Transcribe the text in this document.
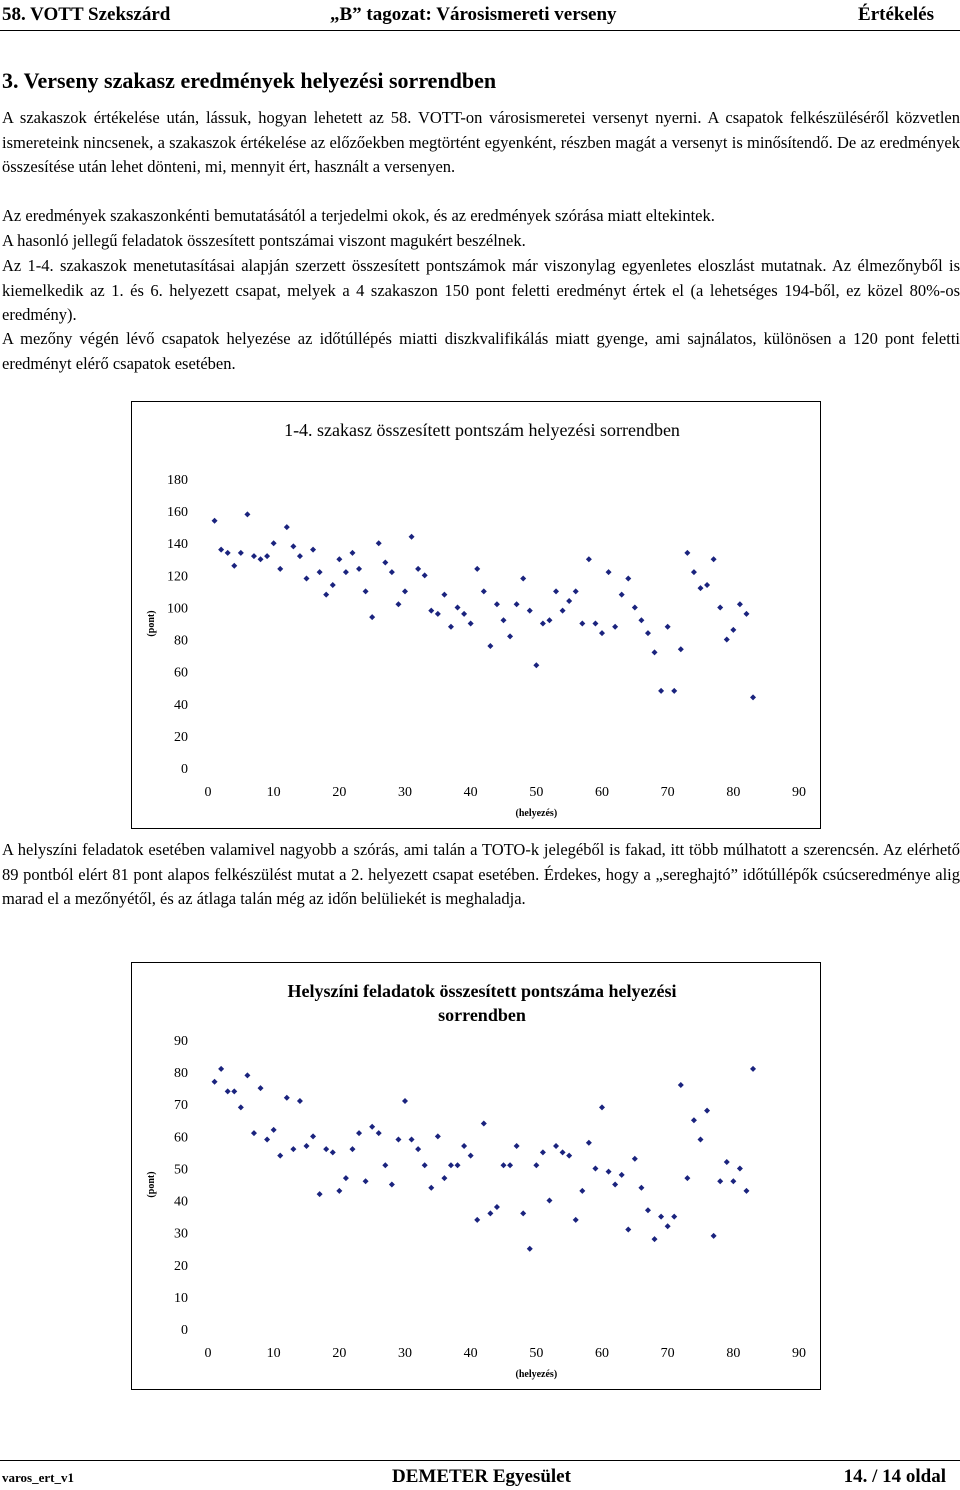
58. VOTT Szekszárd	„B” tagozat: Városismereti verseny	Értékelés
3. Verseny szakasz eredmények helyezési sorrendben

A szakaszok értékelése után, lássuk, hogyan lehetett az 58. VOTT-on városismeretei versenyt nyerni. A csapatok felkészüléséről közvetlen ismereteink nincsenek, a szakaszok értékelése az előzőekben megtörtént egyenként, részben magát a versenyt is minősítendő. De az eredmények összesítése után lehet dönteni, mi, mennyit ért, használt a versenyen.

Az eredmények szakaszonkénti bemutatásától a terjedelmi okok, és az eredmények szórása miatt eltekintek.

A hasonló jellegű feladatok összesített pontszámai viszont magukért beszélnek.

Az 1-4. szakaszok menetutasításai alapján szerzett összesített pontszámok már viszonylag egyenletes eloszlást mutatnak. Az élmezőnyből is kiemelkedik az 1. és 6. helyezett csapat, melyek a 4 szakaszon 150 pont feletti eredményt értek el (a lehetséges 194-ből, ez közel 80%-os eredmény).

A mezőny végén lévő csapatok helyezése az időtúllépés miatti diszkvalifikálás miatt gyenge, ami sajnálatos, különösen a 120 pont feletti eredményt elérő csapatok esetében.

1-4. szakasz összesített pontszám helyezési sorrendben
0
20
40
60
80
100
120
140
160
180
0	10	20	30	40	50	60	70	80	90
(helyezés)
(pont)

A helyszíni feladatok esetében valamivel nagyobb a szórás, ami talán a TOTO-k jelegéből is fakad, itt több múlhatott a szerencsén. Az elérhető 89 pontból elért 81 pont alapos felkészülést mutat a 2. helyezett csapat esetében. Érdekes, hogy a „sereghajtó” időtúllépők csúcseredménye alig marad el a mezőnyétől, és az átlaga talán még az időn belüliekét is meghaladja.

Helyszíni feladatok összesített pontszáma helyezési
sorrendben
0
10
20
30
40
50
60
70
80
90
0	10	20	30	40	50	60	70	80	90
(helyezés)
(pont)
varos_ert_v1	DEMETER Egyesület	14. / 14 oldal
